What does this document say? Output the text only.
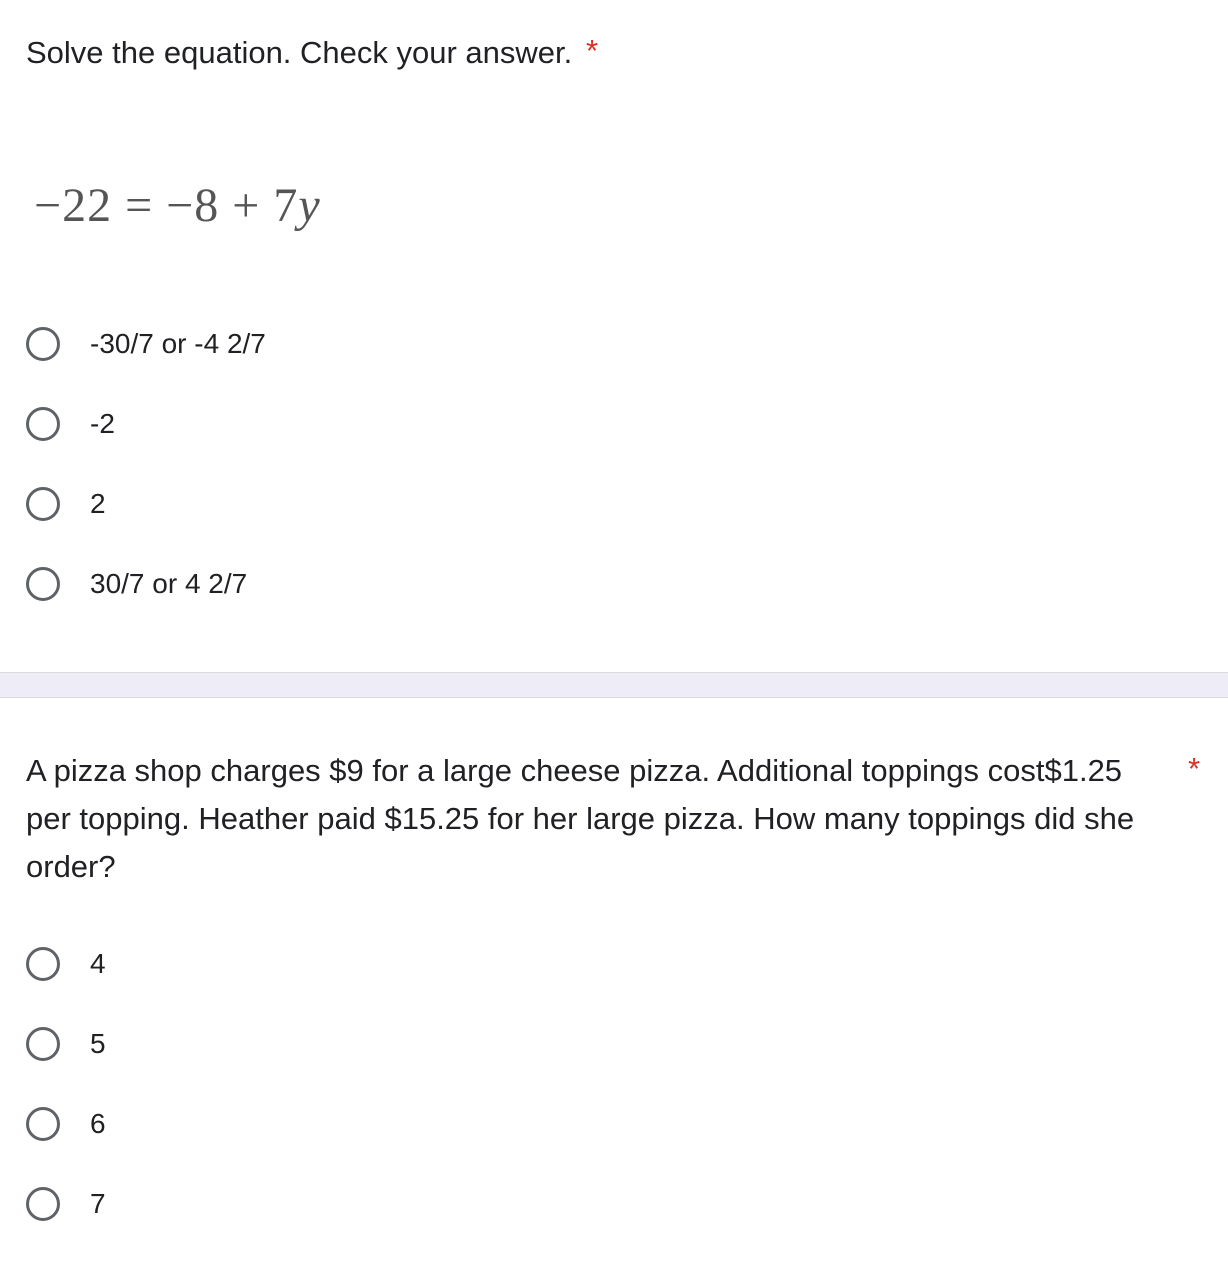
Solve the equation. Check your answer. *
−22 = −8 + 7y
-30/7 or -4 2/7
-2
2
30/7 or 4 2/7
A pizza shop charges $9 for a large cheese pizza. Additional toppings cost$1.25 per topping. Heather paid $15.25 for her large pizza. How many toppings did she order?
*
4
5
6
7
